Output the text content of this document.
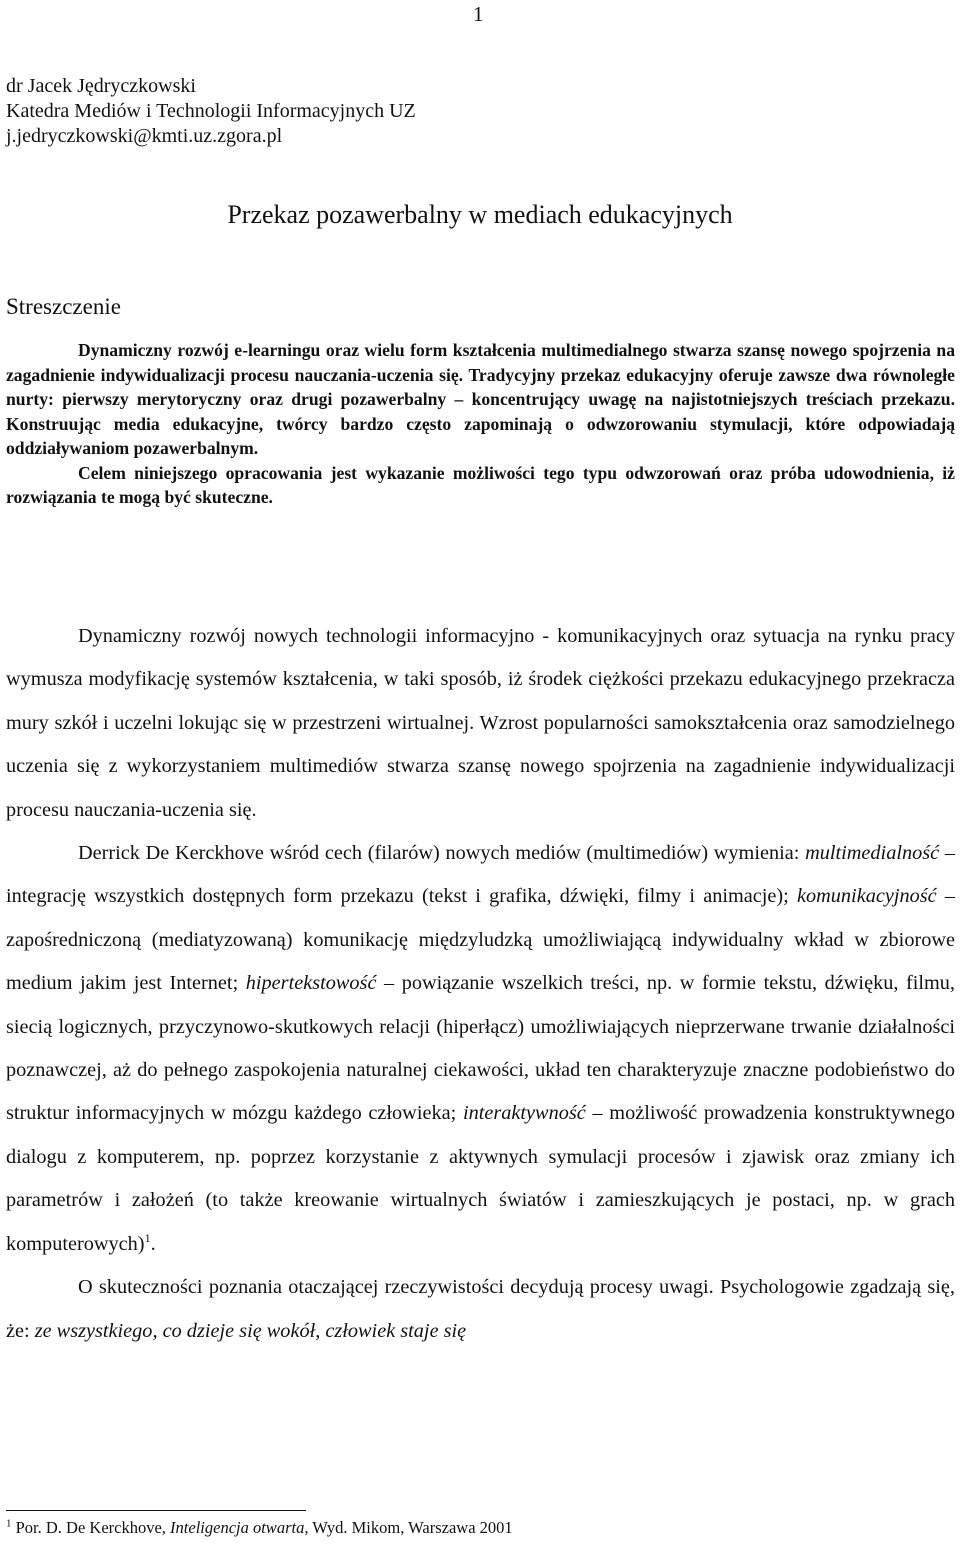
1
dr Jacek Jędryczkowski
Katedra Mediów i Technologii Informacyjnych UZ
j.jedryczkowski@kmti.uz.zgora.pl
Przekaz pozawerbalny w mediach edukacyjnych
Streszczenie

Dynamiczny rozwój e-learningu oraz wielu form kształcenia multimedialnego stwarza szansę nowego spojrzenia na zagadnienie indywidualizacji procesu nauczania-uczenia się. Tradycyjny przekaz edukacyjny oferuje zawsze dwa równoległe nurty: pierwszy merytoryczny oraz drugi pozawerbalny – koncentrujący uwagę na najistotniejszych treściach przekazu. Konstruując media edukacyjne, twórcy bardzo często zapominają o odwzorowaniu stymulacji, które odpowiadają oddziaływaniom pozawerbalnym.

Celem niniejszego opracowania jest wykazanie możliwości tego typu odwzorowań oraz próba udowodnienia, iż rozwiązania te mogą być skuteczne.

Dynamiczny rozwój nowych technologii informacyjno - komunikacyjnych oraz sytuacja na rynku pracy wymusza modyfikację systemów kształcenia, w taki sposób, iż środek ciężkości przekazu edukacyjnego przekracza mury szkół i uczelni lokując się w przestrzeni wirtualnej. Wzrost popularności samokształcenia oraz samodzielnego uczenia się z wykorzystaniem multimediów stwarza szansę nowego spojrzenia na zagadnienie indywidualizacji procesu nauczania-uczenia się.

Derrick De Kerckhove wśród cech (filarów) nowych mediów (multimediów) wymienia: multimedialność – integrację wszystkich dostępnych form przekazu (tekst i grafika, dźwięki, filmy i animacje); komunikacyjność – zapośredniczoną (mediatyzowaną) komunikację międzyludzką umożliwiającą indywidualny wkład w zbiorowe medium jakim jest Internet; hipertekstowość – powiązanie wszelkich treści, np. w formie tekstu, dźwięku, filmu, siecią logicznych, przyczynowo-skutkowych relacji (hiperłącz) umożliwiających nieprzerwane trwanie działalności poznawczej, aż do pełnego zaspokojenia naturalnej ciekawości, układ ten charakteryzuje znaczne podobieństwo do struktur informacyjnych w mózgu każdego człowieka; interaktywność – możliwość prowadzenia konstruktywnego dialogu z komputerem, np. poprzez korzystanie z aktywnych symulacji procesów i zjawisk oraz zmiany ich parametrów i założeń (to także kreowanie wirtualnych światów i zamieszkujących je postaci, np. w grach komputerowych)$^1$.

O skuteczności poznania otaczającej rzeczywistości decydują procesy uwagi. Psychologowie zgadzają się, że: ze wszystkiego, co dzieje się wokół, człowiek staje się

$^1$ Por. D. De Kerckhove, Inteligencja otwarta, Wyd. Mikom, Warszawa 2001
